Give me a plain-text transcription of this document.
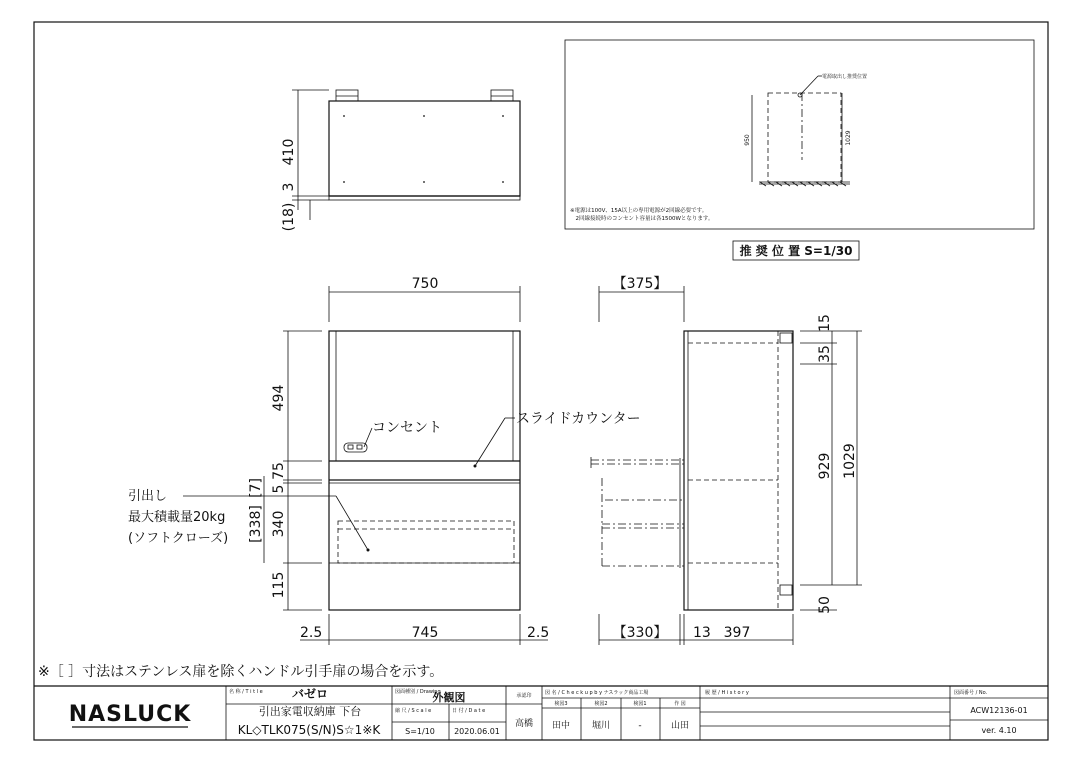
410
3
(18)
電源取出し推奨位置
950	1029
※電源は100V、15A以上の専用電源が2回線必要です。
　2回線接続時のコンセント容量は各1500Wとなります。
推 奨 位 置 S=1/30
コンセント
スライドカウンター
引出し
最大積載量20kg
(ソフトクローズ)
750
494
75
5
[7]
[338] 340
115
2.5	745	2.5
【375】
【330】 13 397
15
35
929 1029
50
※［ ］寸法はステンレス扉を除くハンドル引手扉の場合を示す。
NASLUCK
名 称 / T i t l e バゼロ
引出家電収納庫 下台
KL◇TLK075(S/N)S☆1※K
図面種別 / Drawing
外観図
縮 尺 / S c a l e
S=1/10
日 付 / D a t e
2020.06.01
承認印
高橋
図 名 / C h e c k u p b y ナスラック商品工場
検図3	検図2	検図1	作 図
田中 堀川	-	山田
履 歴 / H i s t o r y	図面番号 / No.
ACW12136-01
ver. 4.10
